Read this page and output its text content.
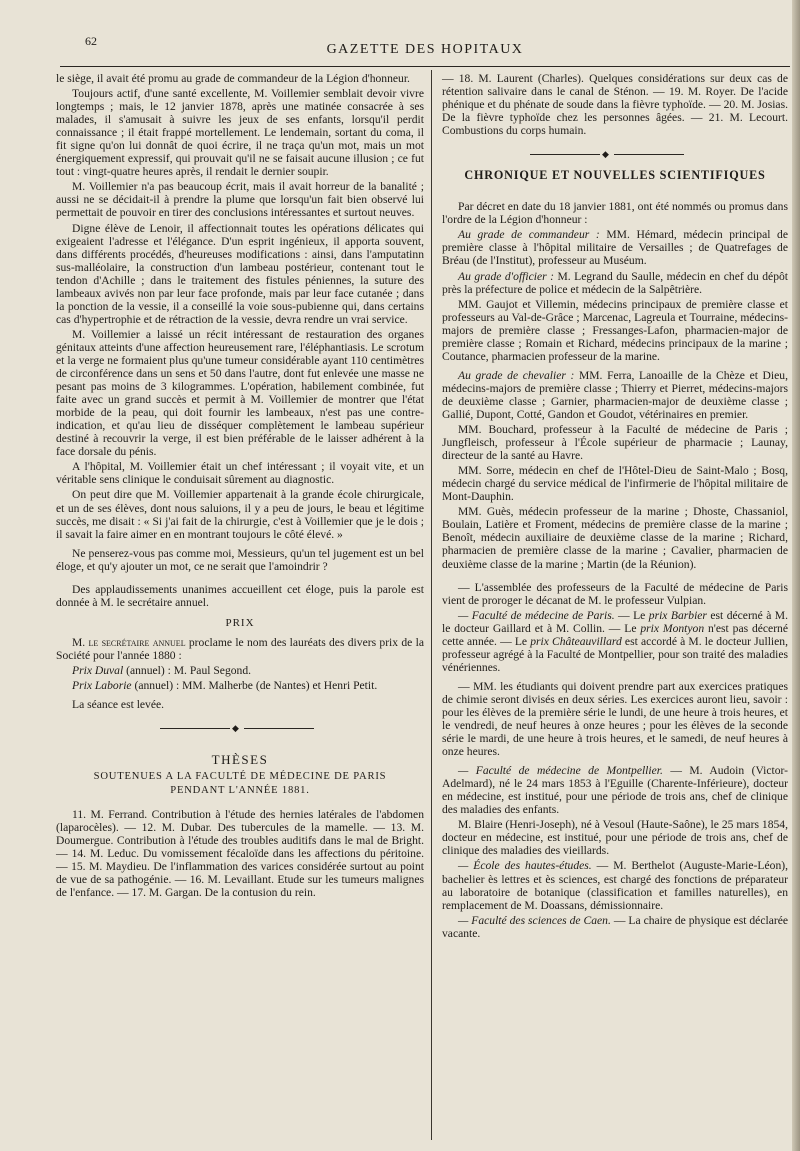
62
GAZETTE DES HOPITAUX

le siège, il avait été promu au grade de commandeur de la Légion d'honneur.

Toujours actif, d'une santé excellente, M. Voillemier semblait devoir vivre longtemps ; mais, le 12 janvier 1878, après une matinée consacrée à ses malades, il s'amusait à suivre les jeux de ses enfants, lorsqu'il perdit connaissance ; il était frappé mortellement. Le lendemain, sortant du coma, il fit signe qu'on lui donnât de quoi écrire, il ne traça qu'un mot, mais un mot énergiquement expressif, qui prouvait qu'il ne se faisait aucune illusion ; ce fut tout : vingt-quatre heures après, il rendait le dernier soupir.

M. Voillemier n'a pas beaucoup écrit, mais il avait horreur de la banalité ; aussi ne se décidait-il à prendre la plume que lorsqu'un fait bien observé lui permettait de pouvoir en tirer des conclusions intéressantes et surtout neuves.

Digne élève de Lenoir, il affectionnait toutes les opérations délicates qui exigeaient l'adresse et l'élégance. D'un esprit ingénieux, il apporta souvent, dans différents procédés, d'heureuses modifications : ainsi, dans l'amputatinn sus-malléolaire, la construction d'un lambeau postérieur, contenant tout le tendon d'Achille ; dans le traitement des fistules péniennes, la suture des lambeaux avivés non par leur face profonde, mais par leur face cutanée ; dans la ponction de la vessie, il a conseillé la voie sous-pubienne qui, dans certains cas d'hypertrophie et de rétraction de la vessie, devra rendre un vrai service.

M. Voillemier a laissé un récit intéressant de restauration des organes génitaux atteints d'une affection heureusement rare, l'éléphantiasis. Le scrotum et la verge ne formaient plus qu'une tumeur considérable ayant 110 centimètres de circonférence dans un sens et 50 dans l'autre, dont fut enlevée une masse ne pesant pas moins de 3 kilogrammes. L'opération, habilement combinée, fut faite avec un grand succès et permit à M. Voillemier de montrer que l'état morbide de la peau, qui doit fournir les lambeaux, n'est pas une contre-indication, et qu'au lieu de disséquer complètement le lambeau supérieur destiné à recouvrir la verge, il est bien préférable de le laisser adhérent à la face dorsale du pénis.

A l'hôpital, M. Voillemier était un chef intéressant ; il voyait vite, et un véritable sens clinique le conduisait sûrement au diagnostic.

On peut dire que M. Voillemier appartenait à la grande école chirurgicale, et un de ses élèves, dont nous saluions, il y a peu de jours, le beau et légitime succès, me disait : « Si j'ai fait de la chirurgie, c'est à Voillemier que je le dois ; il savait la faire aimer en en montrant toujours le côté élevé. »

Ne penserez-vous pas comme moi, Messieurs, qu'un tel jugement est un bel éloge, et qu'y ajouter un mot, ce ne serait que l'amoindrir ?

Des applaudissements unanimes accueillent cet éloge, puis la parole est donnée à M. le secrétaire annuel.

PRIX

M. le secrétaire annuel proclame le nom des lauréats des divers prix de la Société pour l'année 1880 :

Prix Duval (annuel) : M. Paul Segond.

Prix Laborie (annuel) : MM. Malherbe (de Nantes) et Henri Petit.

La séance est levée.

◆
THÈSES
SOUTENUES A LA FACULTÉ DE MÉDECINE DE PARIS
PENDANT L'ANNÉE 1881.

11. M. Ferrand. Contribution à l'étude des hernies latérales de l'abdomen (laparocèles). — 12. M. Dubar. Des tubercules de la mamelle. — 13. M. Doumergue. Contribution à l'étude des troubles auditifs dans le mal de Bright. — 14. M. Leduc. Du vomissement fécaloïde dans les affections du péritoine. — 15. M. Maydieu. De l'inflammation des varices considérée surtout au point de vue de sa pathogénie. — 16. M. Levaillant. Etude sur les tumeurs malignes de l'enfance. — 17. M. Gargan. De la contusion du rein.

— 18. M. Laurent (Charles). Quelques considérations sur deux cas de rétention salivaire dans le canal de Sténon. — 19. M. Royer. De l'acide phénique et du phénate de soude dans la fièvre typhoïde. — 20. M. Josias. De la fièvre typhoïde chez les personnes âgées. — 21. M. Lecourt. Combustions du corps humain.

◆
CHRONIQUE ET NOUVELLES SCIENTIFIQUES

Par décret en date du 18 janvier 1881, ont été nommés ou promus dans l'ordre de la Légion d'honneur :

Au grade de commandeur : MM. Hémard, médecin principal de première classe à l'hôpital militaire de Versailles ; de Quatrefages de Bréau (de l'Institut), professeur au Muséum.

Au grade d'officier : M. Legrand du Saulle, médecin en chef du dépôt près la préfecture de police et médecin de la Salpêtrière.

MM. Gaujot et Villemin, médecins principaux de première classe et professeurs au Val-de-Grâce ; Marcenac, Lagreula et Tourraine, médecins-majors de première classe ; Fressanges-Lafon, pharmacien-major de première classe ; Romain et Richard, médecins principaux de la marine ; Coutance, pharmacien professeur de la marine.

Au grade de chevalier : MM. Ferra, Lanoaille de la Chèze et Dieu, médecins-majors de première classe ; Thierry et Pierret, médecins-majors de deuxième classe ; Garnier, pharmacien-major de deuxième classe ; Gallié, Dupont, Cotté, Gandon et Goudot, vétérinaires en premier.

MM. Bouchard, professeur à la Faculté de médecine de Paris ; Jungfleisch, professeur à l'École supérieur de pharmacie ; Launay, directeur de la santé au Havre.

MM. Sorre, médecin en chef de l'Hôtel-Dieu de Saint-Malo ; Bosq, médecin chargé du service médical de l'infirmerie de l'hôpital militaire de Mont-Dauphin.

MM. Guès, médecin professeur de la marine ; Dhoste, Chassaniol, Boulain, Latière et Froment, médecins de première classe de la marine ; Benoît, médecin auxiliaire de deuxième classe de la marine ; Richard, pharmacien de première classe de la marine ; Cavalier, pharmacien de deuxième classe de la marine ; Martin (de la Réunion).

— L'assemblée des professeurs de la Faculté de médecine de Paris vient de proroger le décanat de M. le professeur Vulpian.

— Faculté de médecine de Paris. — Le prix Barbier est décerné à M. le docteur Gaillard et à M. Collin. — Le prix Montyon n'est pas décerné cette année. — Le prix Châteauvillard est accordé à M. le docteur Jullien, professeur agrégé à la Faculté de Montpellier, pour son traité des maladies vénériennes.

— MM. les étudiants qui doivent prendre part aux exercices pratiques de chimie seront divisés en deux séries. Les exercices auront lieu, savoir : pour les élèves de la première série le lundi, de une heure à trois heures, et le vendredi, de neuf heures à onze heures ; pour les élèves de la seconde série le mardi, de une heure à trois heures, et le samedi, de neuf heures à onze heures.

— Faculté de médecine de Montpellier. — M. Audoin (Victor-Adelmard), né le 24 mars 1853 à l'Eguille (Charente-Inférieure), docteur en médecine, est institué, pour une période de trois ans, chef de clinique des maladies des enfants.

M. Blaire (Henri-Joseph), né à Vesoul (Haute-Saône), le 25 mars 1854, docteur en médecine, est institué, pour une période de trois ans, chef de clinique des maladies des vieillards.

— École des hautes-études. — M. Berthelot (Auguste-Marie-Léon), bachelier ès lettres et ès sciences, est chargé des fonctions de préparateur au laboratoire de botanique (classification et familles naturelles), en remplacement de M. Doassans, démissionnaire.

— Faculté des sciences de Caen. — La chaire de physique est déclarée vacante.
